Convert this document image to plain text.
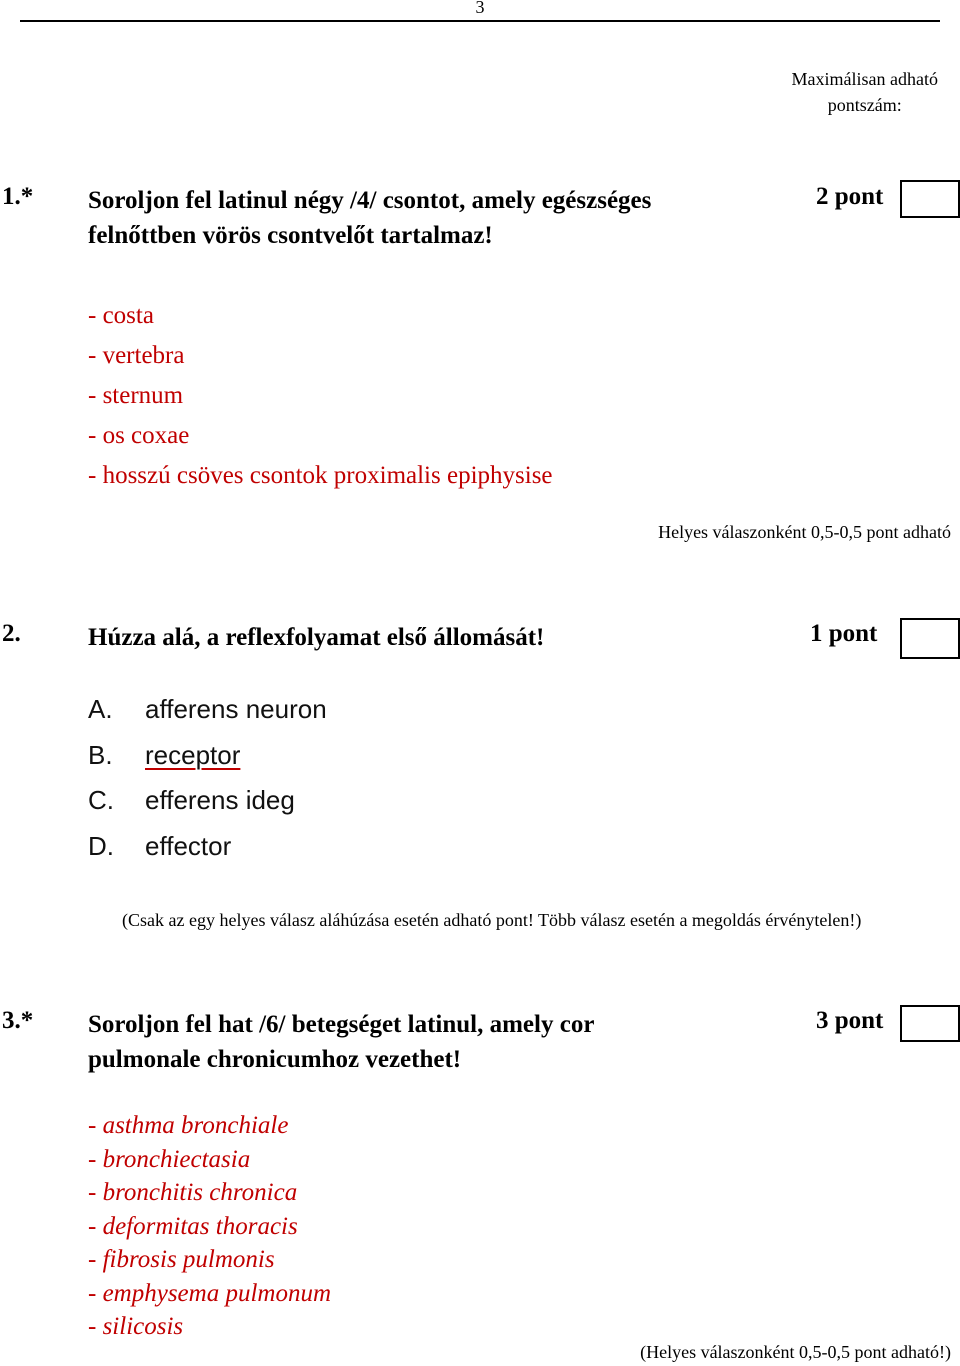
3
Maximálisan adható
pontszám:
1.* Soroljon fel latinul négy /4/ csontot, amely egészséges
felnőttben vörös csontvelőt tartalmaz!
2 pont
- costa
- vertebra
- sternum
- os coxae
- hosszú csöves csontok proximalis epiphysise
Helyes válaszonként 0,5-0,5 pont adható
2.	Húzza alá, a reflexfolyamat első állomását!	1 pont
A. afferens neuron
B. receptor
C. efferens ideg
D. effector
(Csak az egy helyes válasz aláhúzása esetén adható pont! Több válasz esetén a megoldás érvénytelen!)
3.* Soroljon fel hat /6/ betegséget latinul, amely cor
pulmonale chronicumhoz vezethet!
3 pont
- asthma bronchiale
- bronchiectasia
- bronchitis chronica
- deformitas thoracis
- fibrosis pulmonis
- emphysema pulmonum
- silicosis
(Helyes válaszonként 0,5-0,5 pont adható!)
